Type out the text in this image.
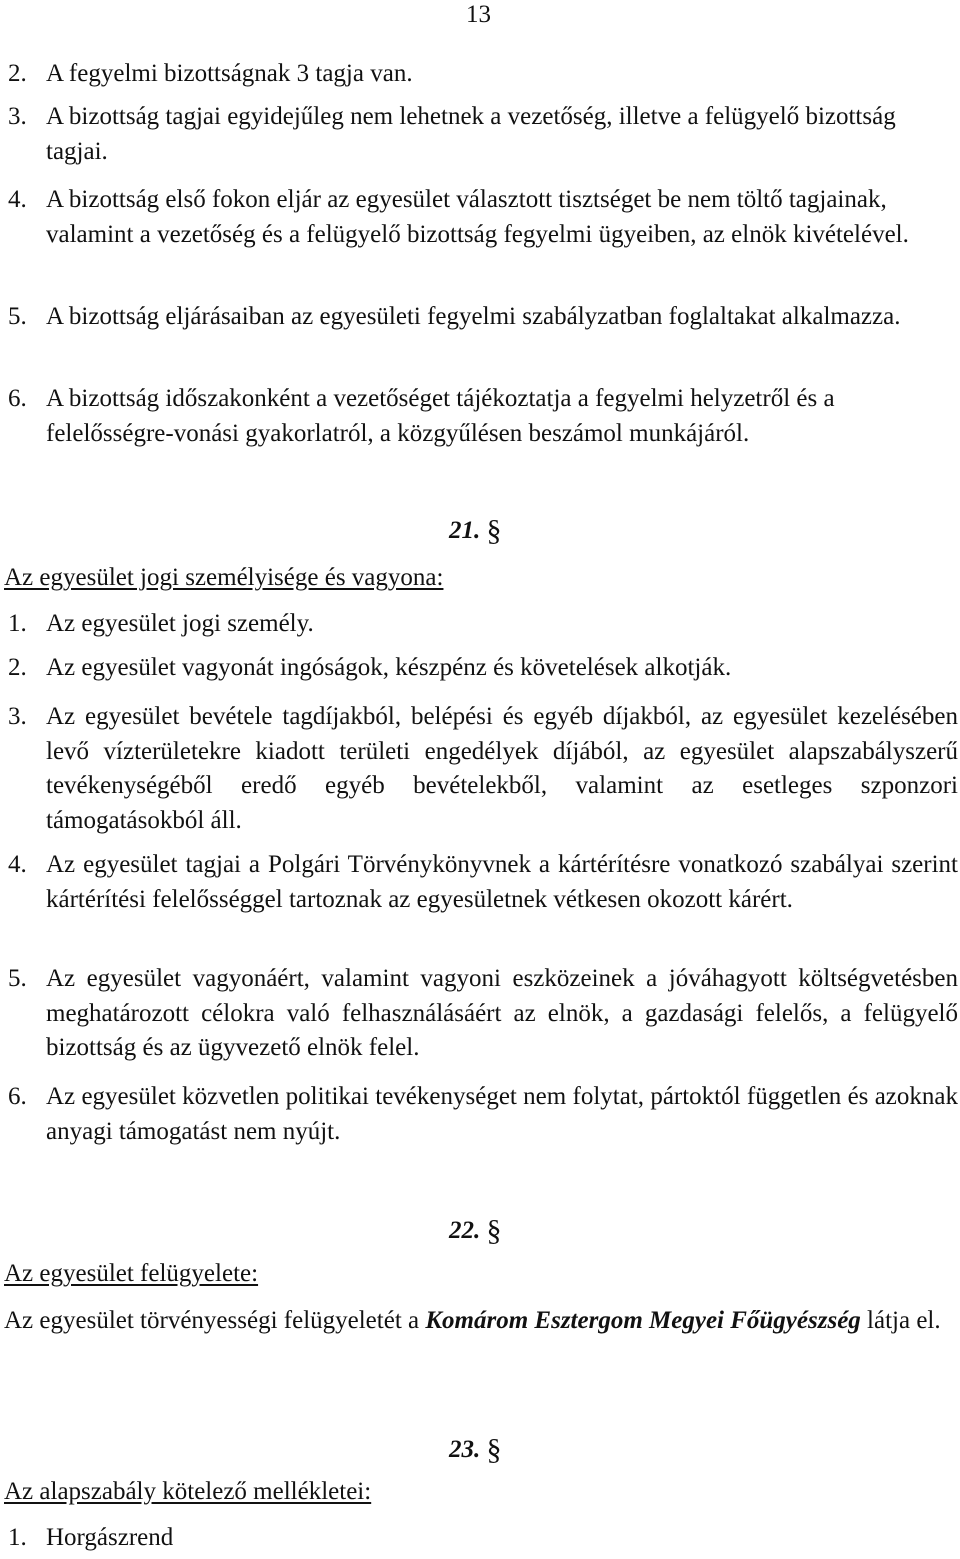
13
2. A fegyelmi bizottságnak 3 tagja van.
3. A bizottság tagjai egyidejűleg nem lehetnek a vezetőség, illetve a felügyelő bizottság tagjai.
4. A bizottság első fokon eljár az egyesület választott tisztséget be nem töltő tagjainak, valamint a vezetőség és a felügyelő bizottság fegyelmi ügyeiben, az elnök kivételével.
5. A bizottság eljárásaiban az egyesületi fegyelmi szabályzatban foglaltakat alkalmazza.
6. A bizottság időszakonként a vezetőséget tájékoztatja a fegyelmi helyzetről és a felelősségre-vonási gyakorlatról, a közgyűlésen beszámol munkájáról.
21. §
Az egyesület jogi személyisége és vagyona:
1. Az egyesület jogi személy.
2. Az egyesület vagyonát ingóságok, készpénz és követelések alkotják.
3. Az egyesület bevétele tagdíjakból, belépési és egyéb díjakból, az egyesület kezelésében levő vízterületekre kiadott területi engedélyek díjából, az egyesület alapszabályszerű tevékenységéből eredő egyéb bevételekből, valamint az esetleges szponzori támogatásokból áll.
4. Az egyesület tagjai a Polgári Törvénykönyvnek a kártérítésre vonatkozó szabályai szerint kártérítési felelősséggel tartoznak az egyesületnek vétkesen okozott kárért.
5. Az egyesület vagyonáért, valamint vagyoni eszközeinek a jóváhagyott költségvetésben meghatározott célokra való felhasználásáért az elnök, a gazdasági felelős, a felügyelő bizottság és az ügyvezető elnök felel.
6. Az egyesület közvetlen politikai tevékenységet nem folytat, pártoktól független és azoknak anyagi támogatást nem nyújt.
22. §
Az egyesület felügyelete:
Az egyesület törvényességi felügyeletét a Komárom Esztergom Megyei Főügyészség látja el.
23. §
Az alapszabály kötelező mellékletei:
1. Horgászrend
